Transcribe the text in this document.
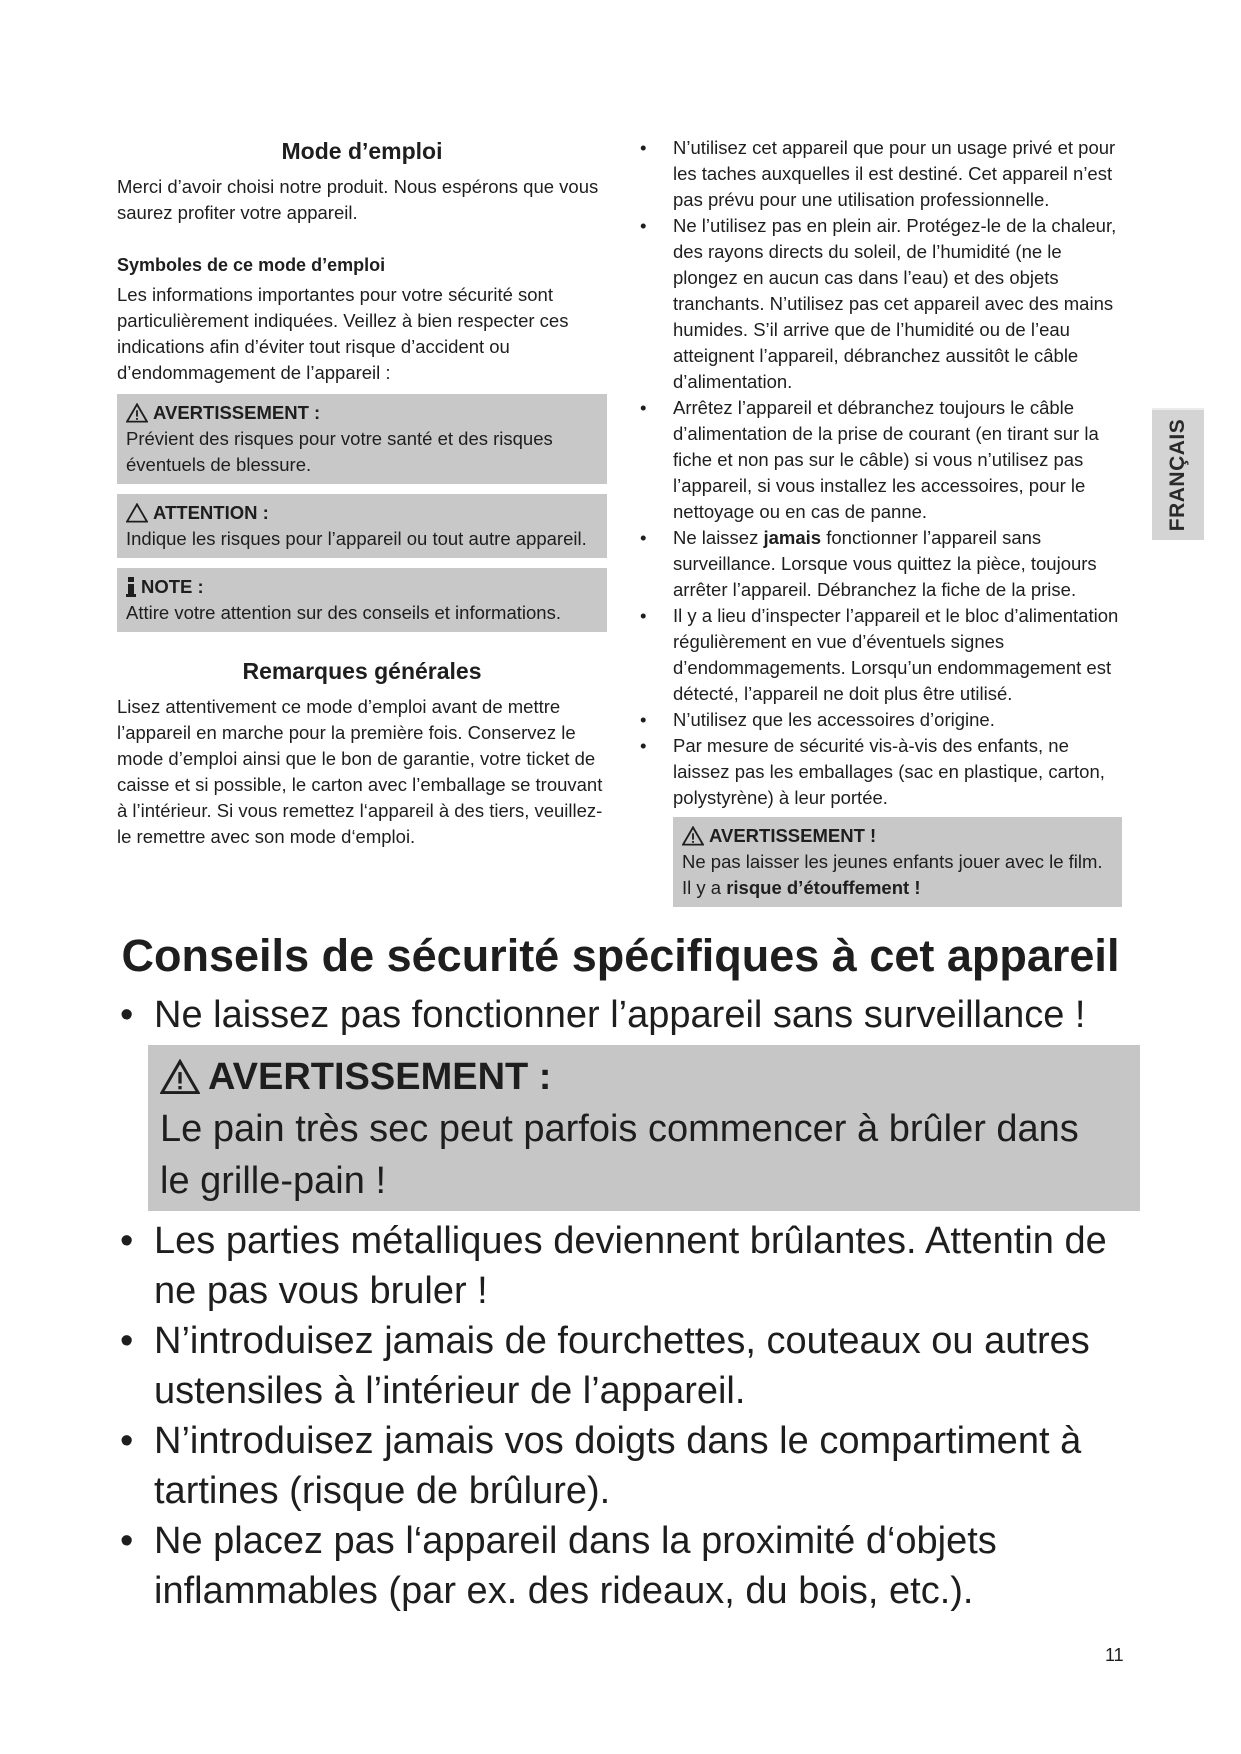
Mode d’emploi

Merci d’avoir choisi notre produit. Nous espérons que vous saurez profiter votre appareil.

Symboles de ce mode d’emploi

Les informations importantes pour votre sécurité sont particulièrement indiquées. Veillez à bien respecter ces indications afin d’éviter tout risque d’accident ou d’endommagement de l’appareil :

AVERTISSEMENT :
Prévient des risques pour votre santé et des risques éventuels de blessure.
ATTENTION :
Indique les risques pour l’appareil ou tout autre appareil.
NOTE :
Attire votre attention sur des conseils et informations.
Remarques générales

Lisez attentivement ce mode d’emploi avant de mettre l’appareil en marche pour la première fois. Conservez le mode d’emploi ainsi que le bon de garantie, votre ticket de caisse et si possible, le carton avec l’emballage se trouvant à l’intérieur. Si vous remettez l‘appareil à des tiers, veuillez-le remettre avec son mode d‘emploi.

• N’utilisez cet appareil que pour un usage privé et pour les taches auxquelles il est destiné. Cet appareil n’est pas prévu pour une utilisation professionnelle.
• Ne l’utilisez pas en plein air. Protégez-le de la chaleur, des rayons directs du soleil, de l’humidité (ne le plongez en aucun cas dans l’eau) et des objets tranchants. N’utilisez pas cet appareil avec des mains humides. S’il arrive que de l’humidité ou de l’eau atteignent l’appareil, débranchez aussitôt le câble d’alimentation.
• Arrêtez l’appareil et débranchez toujours le câble d’alimentation de la prise de courant (en tirant sur la fiche et non pas sur le câble) si vous n’utilisez pas l’appareil, si vous installez les accessoires, pour le nettoyage ou en cas de panne.
• Ne laissez jamais fonctionner l’appareil sans surveillance. Lorsque vous quittez la pièce, toujours arrêter l’appareil. Débranchez la fiche de la prise.
• Il y a lieu d’inspecter l’appareil et le bloc d’alimentation régulièrement en vue d’éventuels signes d’endommagements. Lorsqu’un endommagement est détecté, l’appareil ne doit plus être utilisé.
• N’utilisez que les accessoires d’origine.
• Par mesure de sécurité vis-à-vis des enfants, ne laissez pas les emballages (sac en plastique, carton, polystyrène) à leur portée.
AVERTISSEMENT !
Ne pas laisser les jeunes enfants jouer avec le film. Il y a risque d’étouffement !
FRANÇAIS
Conseils de sécurité spécifiques à cet appareil
• Ne laissez pas fonctionner l’appareil sans surveillance !
AVERTISSEMENT :
Le pain très sec peut parfois commencer à brûler dans le grille-pain !
• Les parties métalliques deviennent brûlantes. Attentin de ne pas vous bruler !
• N’introduisez jamais de fourchettes, couteaux ou autres ustensiles à l’intérieur de l’appareil.
• N’introduisez jamais vos doigts dans le compartiment à tartines (risque de brûlure).
• Ne placez pas l‘appareil dans la proximité d‘objets inflammables (par ex. des rideaux, du bois, etc.).
11
